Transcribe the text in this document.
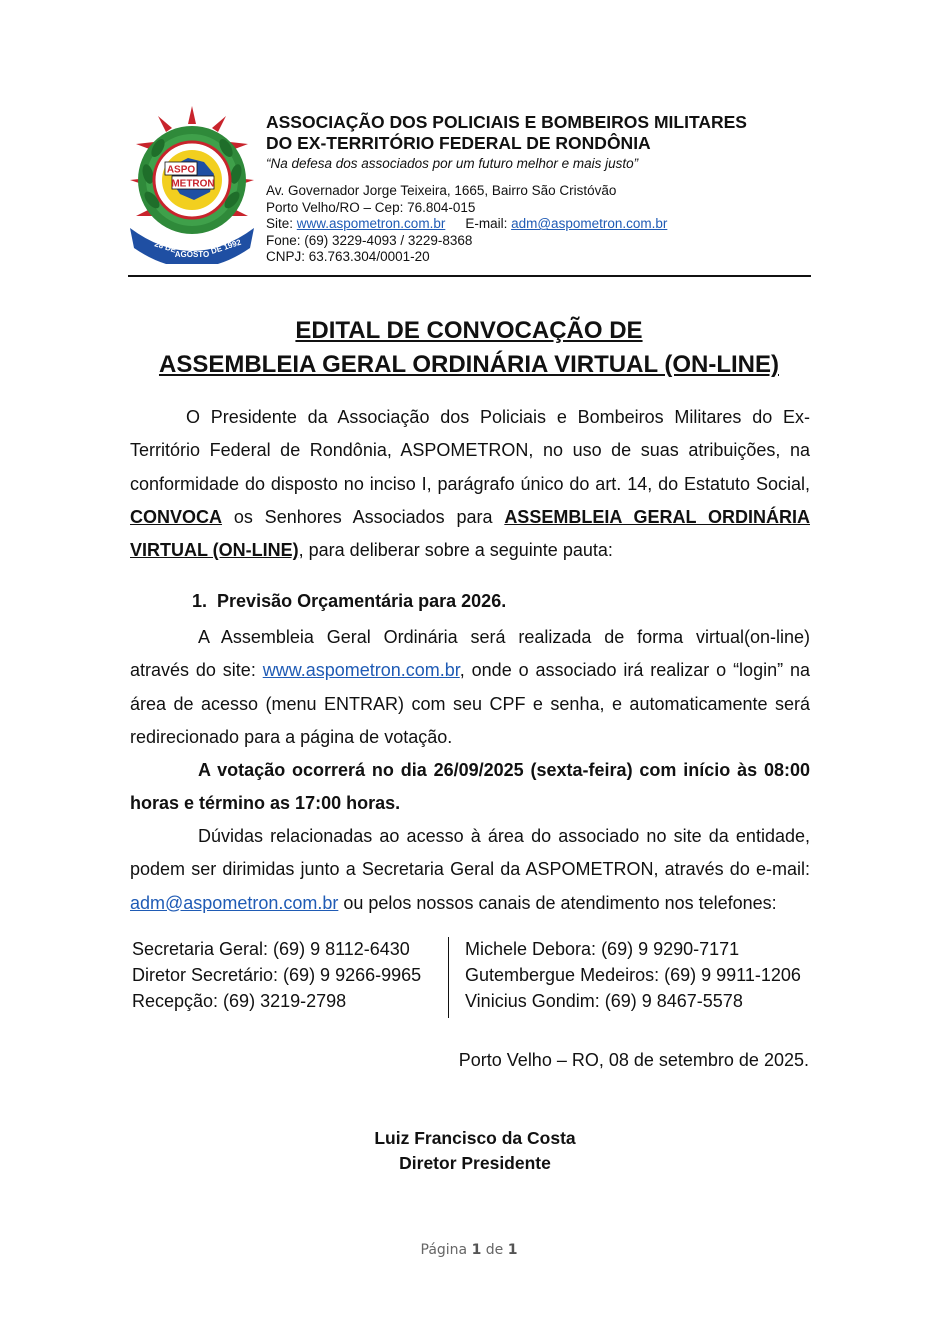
ASPO
METRON
28 DE
AGOSTO DE 1992

ASSOCIAÇÃO DOS POLICIAIS E BOMBEIROS MILITARES

DO EX-TERRITÓRIO FEDERAL DE RONDÔNIA

“Na defesa dos associados por um futuro melhor e mais justo”

Av. Governador Jorge Teixeira, 1665, Bairro São Cristóvão
Porto Velho/RO – Cep: 76.804-015
Site: www.aspometron.com.br E-mail: adm@aspometron.com.br
Fone: (69) 3229-4093 / 3229-8368
CNPJ: 63.763.304/0001-20
EDITAL DE CONVOCAÇÃO DE
ASSEMBLEIA GERAL ORDINÁRIA VIRTUAL (ON-LINE)
O Presidente da Associação dos Policiais e Bombeiros Militares do Ex-Território Federal de Rondônia, ASPOMETRON, no uso de suas atribuições, na conformidade do disposto no inciso I, parágrafo único do art. 14, do Estatuto Social, CONVOCA os Senhores Associados para ASSEMBLEIA GERAL ORDINÁRIA VIRTUAL (ON-LINE), para deliberar sobre a seguinte pauta:
1. Previsão Orçamentária para 2026.
A Assembleia Geral Ordinária será realizada de forma virtual(on-line) através do site: www.aspometron.com.br, onde o associado irá realizar o “login” na área de acesso (menu ENTRAR) com seu CPF e senha, e automaticamente será redirecionado para a página de votação.
A votação ocorrerá no dia 26/09/2025 (sexta-feira) com início às 08:00 horas e término as 17:00 horas.
Dúvidas relacionadas ao acesso à área do associado no site da entidade, podem ser dirimidas junto a Secretaria Geral da ASPOMETRON, através do e-mail: adm@aspometron.com.br ou pelos nossos canais de atendimento nos telefones:
Secretaria Geral: (69) 9 8112-6430
Diretor Secretário: (69) 9 9266-9965
Recepção: (69) 3219-2798
Michele Debora: (69) 9 9290-7171
Gutembergue Medeiros: (69) 9 9911-1206
Vinicius Gondim: (69) 9 8467-5578
Porto Velho – RO, 08 de setembro de 2025.
Luiz Francisco da Costa
Diretor Presidente
Página 1 de 1
